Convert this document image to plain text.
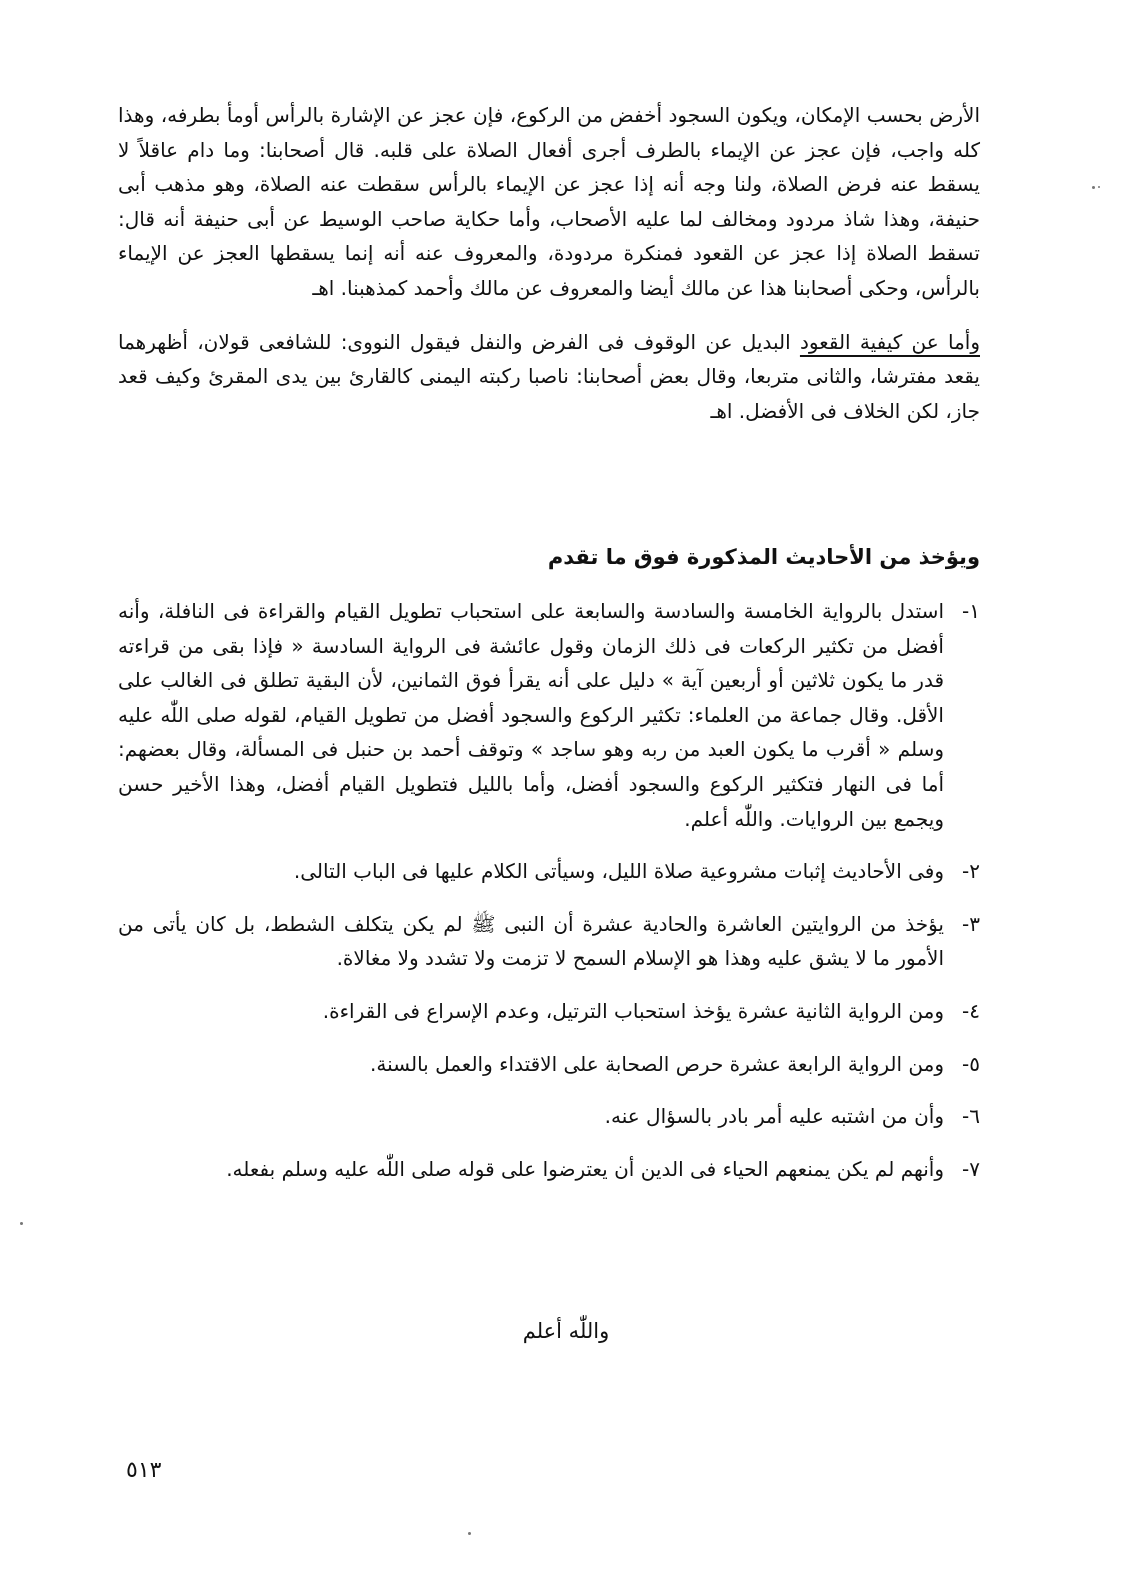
الأرض بحسب الإمكان، ويكون السجود أخفض من الركوع، فإن عجز عن الإشارة بالرأس أومأ بطرفه، وهذا كله واجب، فإن عجز عن الإيماء بالطرف أجرى أفعال الصلاة على قلبه. قال أصحابنا: وما دام عاقلاً لا يسقط عنه فرض الصلاة، ولنا وجه أنه إذا عجز عن الإيماء بالرأس سقطت عنه الصلاة، وهو مذهب أبى حنيفة، وهذا شاذ مردود ومخالف لما عليه الأصحاب، وأما حكاية صاحب الوسيط عن أبى حنيفة أنه قال: تسقط الصلاة إذا عجز عن القعود فمنكرة مردودة، والمعروف عنه أنه إنما يسقطها العجز عن الإيماء بالرأس، وحكى أصحابنا هذا عن مالك أيضا والمعروف عن مالك وأحمد كمذهبنا. اهـ

وأما عن كيفية القعود البديل عن الوقوف فى الفرض والنفل فيقول النووى: للشافعى قولان، أظهرهما يقعد مفترشا، والثانى متربعا، وقال بعض أصحابنا: ناصبا ركبته اليمنى كالقارئ بين يدى المقرئ وكيف قعد جاز، لكن الخلاف فى الأفضل. اهـ

ويؤخذ من الأحاديث المذكورة فوق ما تقدم
١-
استدل بالرواية الخامسة والسادسة والسابعة على استحباب تطويل القيام والقراءة فى النافلة، وأنه أفضل من تكثير الركعات فى ذلك الزمان وقول عائشة فى الرواية السادسة « فإذا بقى من قراءته قدر ما يكون ثلاثين أو أربعين آية » دليل على أنه يقرأ فوق الثمانين، لأن البقية تطلق فى الغالب على الأقل. وقال جماعة من العلماء: تكثير الركوع والسجود أفضل من تطويل القيام، لقوله صلى اللّٰه عليه وسلم « أقرب ما يكون العبد من ربه وهو ساجد » وتوقف أحمد بن حنبل فى المسألة، وقال بعضهم: أما فى النهار فتكثير الركوع والسجود أفضل، وأما بالليل فتطويل القيام أفضل، وهذا الأخير حسن ويجمع بين الروايات. واللّٰه أعلم.
٢-
وفى الأحاديث إثبات مشروعية صلاة الليل، وسيأتى الكلام عليها فى الباب التالى.
٣-
يؤخذ من الروايتين العاشرة والحادية عشرة أن النبى ﷺ لم يكن يتكلف الشطط، بل كان يأتى من الأمور ما لا يشق عليه وهذا هو الإسلام السمح لا تزمت ولا تشدد ولا مغالاة.
٤-
ومن الرواية الثانية عشرة يؤخذ استحباب الترتيل، وعدم الإسراع فى القراءة.
٥-
ومن الرواية الرابعة عشرة حرص الصحابة على الاقتداء والعمل بالسنة.
٦-
وأن من اشتبه عليه أمر بادر بالسؤال عنه.
٧-
وأنهم لم يكن يمنعهم الحياء فى الدين أن يعترضوا على قوله صلى اللّٰه عليه وسلم بفعله.
واللّٰه أعلم
٥١٣
